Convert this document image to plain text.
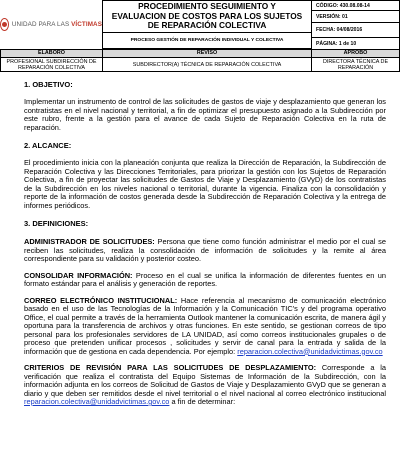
UNIDAD PARA LAS VÍCTIMAS
PROCEDIMIENTO SEGUIMIENTO Y EVALUACION DE COSTOS PARA LOS SUJETOS DE REPARACIÓN COLECTIVA
PROCESO GESTIÓN DE REPARACIÓN INDIVIDUAL Y COLECTIVA
CÓDIGO: 430.08.08-14
VERSIÓN: 01
FECHA: 04/08/2016
PÁGINA: 1 de 10
ELABORÓ
PROFESIONAL SUBDIRECCIÓN DE REPARACIÓN COLECTIVA
REVISÓ
SUBDIRECTOR(A) TÉCNICA DE REPARACIÓN COLECTIVA
APROBÓ
DIRECTORA TÉCNICA DE REPARACIÓN

1. OBJETIVO:

Implementar un instrumento de control de las solicitudes de gastos de viaje y desplazamiento que generan los contratistas en el nivel nacional y territorial, a fin de optimizar el presupuesto asignado a la Subdirección por este rubro, frente a la gestión para el avance de cada Sujeto de Reparación Colectiva en la ruta de reparación.

2. ALCANCE:

El procedimiento inicia con la planeación conjunta que realiza la Dirección de Reparación, la Subdirección de Reparación Colectiva y las Direcciones Territoriales, para priorizar la gestión con los Sujetos de Reparación Colectiva, a fin de proyectar las solicitudes de Gastos de Viaje y Desplazamiento (GVyD) de los contratistas de la Subdirección en los niveles nacional o territorial, durante la vigencia. Finaliza con la consolidación y reporte de la información de costos generada desde la Subdirección de Reparación Colectiva y la entrega de informes periódicos.

3. DEFINICIONES:

ADMINISTRADOR DE SOLICITUDES: Persona que tiene como función administrar el medio por el cual se reciben las solicitudes, realiza la consolidación de información de solicitudes y la remite al área correspondiente para su validación y posterior costeo.

CONSOLIDAR INFORMACIÓN: Proceso en el cual se unifica la información de diferentes fuentes en un formato estándar para el análisis y generación de reportes.

CORREO ELECTRÓNICO INSTITUCIONAL: Hace referencia al mecanismo de comunicación electrónico basado en el uso de las Tecnologías de la Información y la Comunicación TIC's y del programa operativo Office, el cual permite a través de la herramienta Outlook mantener la comunicación escrita, de manera ágil y oportuna para la transferencia de archivos y otras funciones. En este sentido, se gestionan correos de tipo personal para los profesionales servidores de LA UNIDAD, así como correos institucionales grupales o de proceso que pretenden unificar procesos , solicitudes y servir de canal para la entrada y salida de la información que de gestiona en cada dependencia. Por ejemplo: reparacion.colectiva@unidadvictimas.gov.co

CRITERIOS DE REVISIÓN PARA LAS SOLICITUDES DE DESPLAZAMIENTO: Corresponde a la verificación que realiza el contratista del Equipo Sistemas de Información de la Subdirección, con la información adjunta en los correos de Solicitud de Gastos de Viaje y Desplazamiento GVyD que se generan a diario y que deben ser remitidos desde el nivel territorial o el nivel nacional al correo electrónico institucional reparacion.colectiva@unidadvictimas.gov.co a fin de determinar:
